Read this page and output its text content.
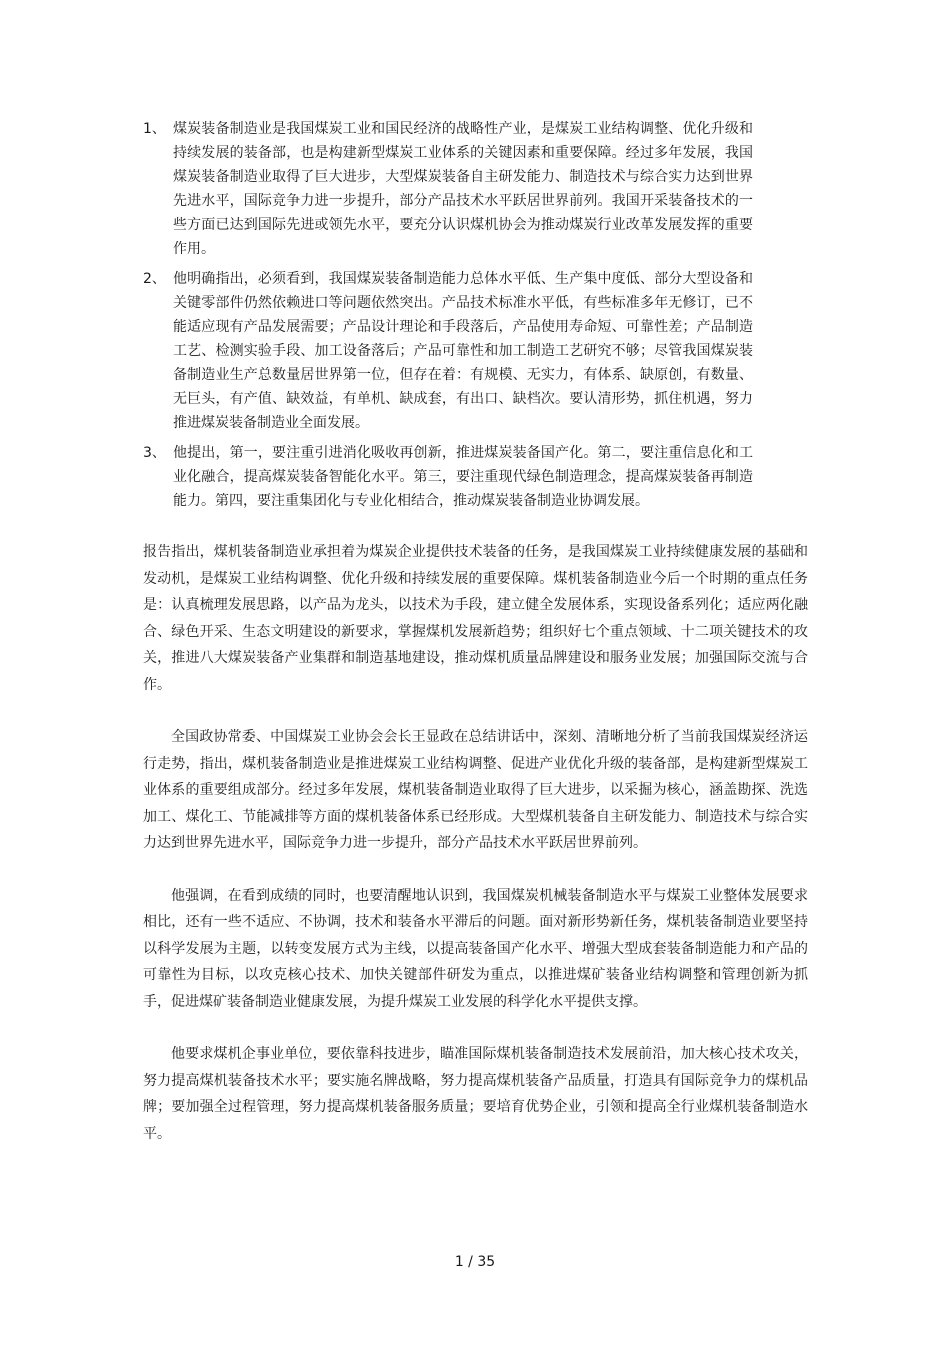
1、 煤炭装备制造业是我国煤炭工业和国民经济的战略性产业，是煤炭工业结构调整、优化升级和持续发展的装备部，也是构建新型煤炭工业体系的关键因素和重要保障。经过多年发展，我国煤炭装备制造业取得了巨大进步，大型煤炭装备自主研发能力、制造技术与综合实力达到世界先进水平，国际竞争力进一步提升，部分产品技术水平跃居世界前列。我国开采装备技术的一些方面已达到国际先进或领先水平，要充分认识煤机协会为推动煤炭行业改革发展发挥的重要作用。
2、 他明确指出，必须看到，我国煤炭装备制造能力总体水平低、生产集中度低、部分大型设备和关键零部件仍然依赖进口等问题依然突出。产品技术标准水平低，有些标准多年无修订，已不能适应现有产品发展需要；产品设计理论和手段落后，产品使用寿命短、可靠性差；产品制造工艺、检测实验手段、加工设备落后；产品可靠性和加工制造工艺研究不够；尽管我国煤炭装备制造业生产总数量居世界第一位，但存在着：有规模、无实力，有体系、缺原创，有数量、无巨头，有产值、缺效益，有单机、缺成套，有出口、缺档次。要认清形势，抓住机遇，努力推进煤炭装备制造业全面发展。
3、 他提出，第一，要注重引进消化吸收再创新，推进煤炭装备国产化。第二，要注重信息化和工业化融合，提高煤炭装备智能化水平。第三，要注重现代绿色制造理念，提高煤炭装备再制造能力。第四，要注重集团化与专业化相结合，推动煤炭装备制造业协调发展。

报告指出，煤机装备制造业承担着为煤炭企业提供技术装备的任务，是我国煤炭工业持续健康发展的基础和发动机，是煤炭工业结构调整、优化升级和持续发展的重要保障。煤机装备制造业今后一个时期的重点任务是：认真梳理发展思路，以产品为龙头，以技术为手段，建立健全发展体系，实现设备系列化；适应两化融合、绿色开采、生态文明建设的新要求，掌握煤机发展新趋势；组织好七个重点领域、十二项关键技术的攻关，推进八大煤炭装备产业集群和制造基地建设，推动煤机质量品牌建设和服务业发展；加强国际交流与合作。

全国政协常委、中国煤炭工业协会会长王显政在总结讲话中，深刻、清晰地分析了当前我国煤炭经济运行走势，指出，煤机装备制造业是推进煤炭工业结构调整、促进产业优化升级的装备部，是构建新型煤炭工业体系的重要组成部分。经过多年发展，煤机装备制造业取得了巨大进步，以采掘为核心，涵盖勘探、洗选加工、煤化工、节能减排等方面的煤机装备体系已经形成。大型煤机装备自主研发能力、制造技术与综合实力达到世界先进水平，国际竞争力进一步提升，部分产品技术水平跃居世界前列。

他强调，在看到成绩的同时，也要清醒地认识到，我国煤炭机械装备制造水平与煤炭工业整体发展要求相比，还有一些不适应、不协调，技术和装备水平滞后的问题。面对新形势新任务，煤机装备制造业要坚持以科学发展为主题，以转变发展方式为主线，以提高装备国产化水平、增强大型成套装备制造能力和产品的可靠性为目标，以攻克核心技术、加快关键部件研发为重点，以推进煤矿装备业结构调整和管理创新为抓手，促进煤矿装备制造业健康发展，为提升煤炭工业发展的科学化水平提供支撑。

他要求煤机企事业单位，要依靠科技进步，瞄准国际煤机装备制造技术发展前沿，加大核心技术攻关，努力提高煤机装备技术水平；要实施名牌战略，努力提高煤机装备产品质量，打造具有国际竞争力的煤机品牌；要加强全过程管理，努力提高煤机装备服务质量；要培育优势企业，引领和提高全行业煤机装备制造水平。

1 / 35
